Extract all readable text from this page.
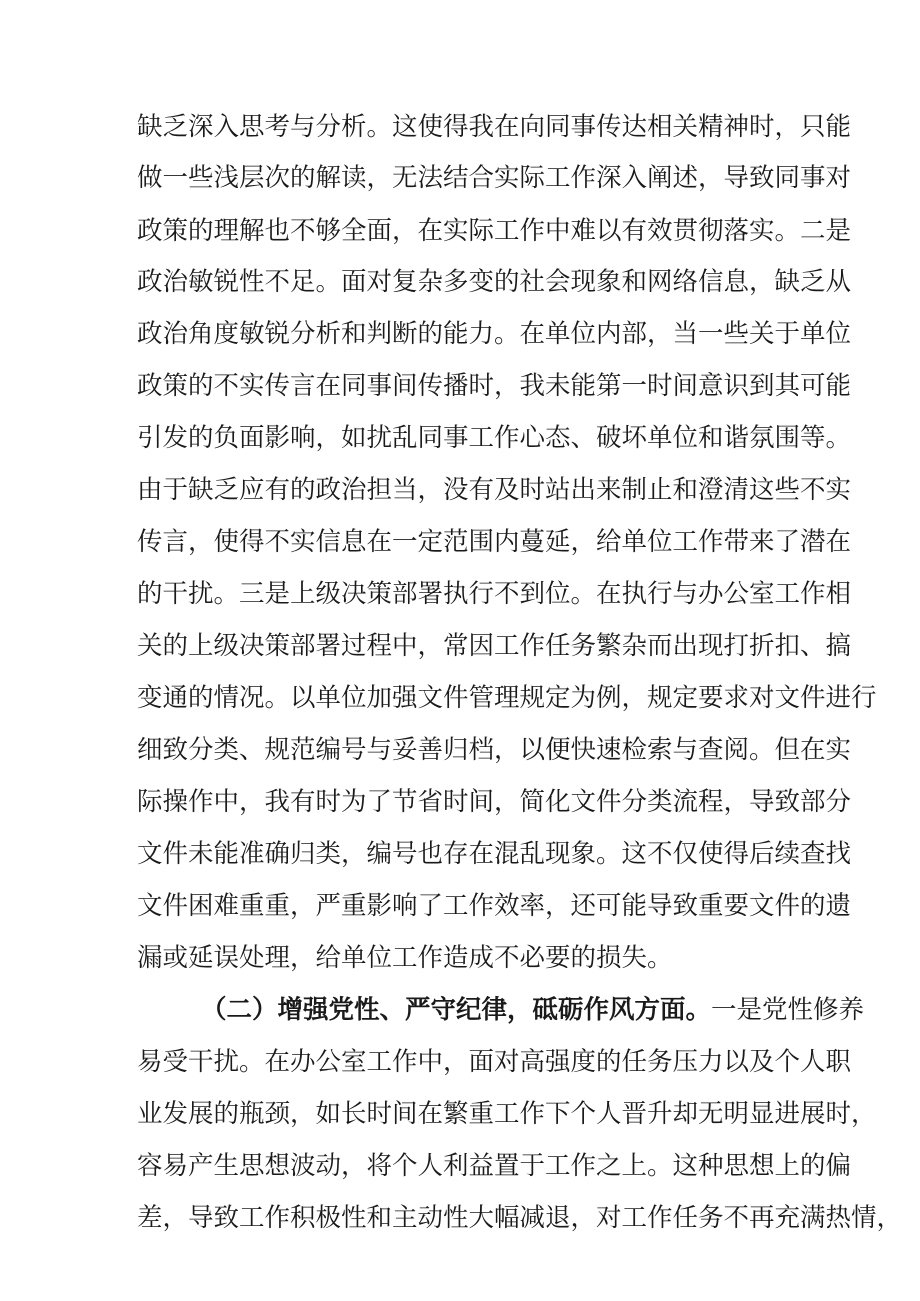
缺乏深入思考与分析。这使得我在向同事传达相关精神时，只能
做一些浅层次的解读，无法结合实际工作深入阐述，导致同事对
政策的理解也不够全面，在实际工作中难以有效贯彻落实。二是
政治敏锐性不足。面对复杂多变的社会现象和网络信息，缺乏从
政治角度敏锐分析和判断的能力。在单位内部，当一些关于单位
政策的不实传言在同事间传播时，我未能第一时间意识到其可能
引发的负面影响，如扰乱同事工作心态、破坏单位和谐氛围等。
由于缺乏应有的政治担当，没有及时站出来制止和澄清这些不实
传言，使得不实信息在一定范围内蔓延，给单位工作带来了潜在
的干扰。三是上级决策部署执行不到位。在执行与办公室工作相
关的上级决策部署过程中，常因工作任务繁杂而出现打折扣、搞
变通的情况。以单位加强文件管理规定为例，规定要求对文件进行
细致分类、规范编号与妥善归档，以便快速检索与查阅。但在实
际操作中，我有时为了节省时间，简化文件分类流程，导致部分
文件未能准确归类，编号也存在混乱现象。这不仅使得后续查找
文件困难重重，严重影响了工作效率，还可能导致重要文件的遗
漏或延误处理，给单位工作造成不必要的损失。
（二）增强党性、严守纪律，砥砺作风方面。一是党性修养
易受干扰。在办公室工作中，面对高强度的任务压力以及个人职
业发展的瓶颈，如长时间在繁重工作下个人晋升却无明显进展时，
容易产生思想波动，将个人利益置于工作之上。这种思想上的偏
差，导致工作积极性和主动性大幅减退，对工作任务不再充满热情，
